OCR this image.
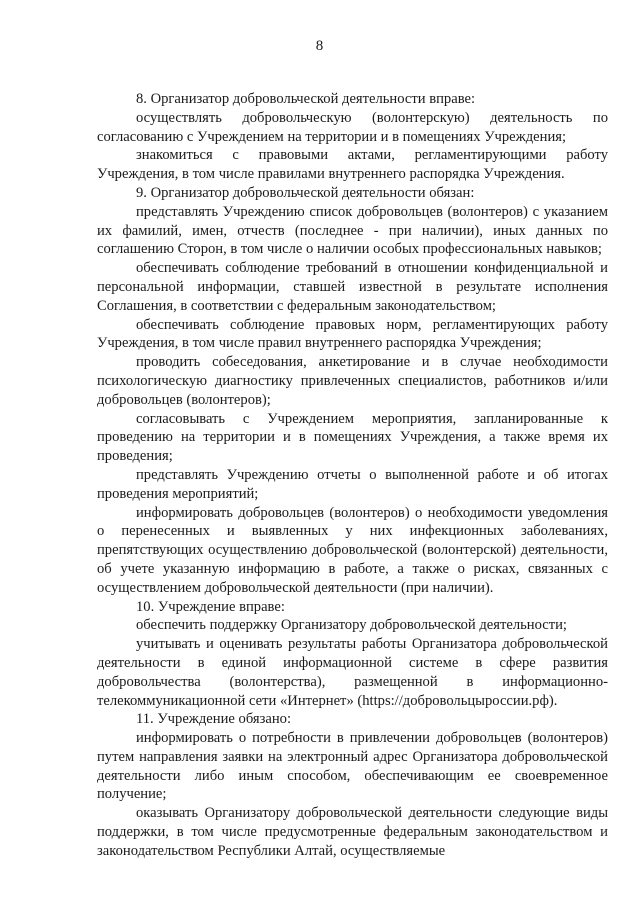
8

8. Организатор добровольческой деятельности вправе:

осуществлять добровольческую (волонтерскую) деятельность по согласованию с Учреждением на территории и в помещениях Учреждения;

знакомиться с правовыми актами, регламентирующими работу Учреждения, в том числе правилами внутреннего распорядка Учреждения.

9. Организатор добровольческой деятельности обязан:

представлять Учреждению список добровольцев (волонтеров) с указанием их фамилий, имен, отчеств (последнее - при наличии), иных данных по соглашению Сторон, в том числе о наличии особых профессиональных навыков;

обеспечивать соблюдение требований в отношении конфиденциальной и персональной информации, ставшей известной в результате исполнения Соглашения, в соответствии с федеральным законодательством;

обеспечивать соблюдение правовых норм, регламентирующих работу Учреждения, в том числе правил внутреннего распорядка Учреждения;

проводить собеседования, анкетирование и в случае необходимости психологическую диагностику привлеченных специалистов, работников и/или добровольцев (волонтеров);

согласовывать с Учреждением мероприятия, запланированные к проведению на территории и в помещениях Учреждения, а также время их проведения;

представлять Учреждению отчеты о выполненной работе и об итогах проведения мероприятий;

информировать добровольцев (волонтеров) о необходимости уведомления о перенесенных и выявленных у них инфекционных заболеваниях, препятствующих осуществлению добровольческой (волонтерской) деятельности, об учете указанную информацию в работе, а также о рисках, связанных с осуществлением добровольческой деятельности (при наличии).

10. Учреждение вправе:

обеспечить поддержку Организатору добровольческой деятельности;

учитывать и оценивать результаты работы Организатора добровольческой деятельности в единой информационной системе в сфере развития добровольчества (волонтерства), размещенной в информационно-телекоммуникационной сети «Интернет» (https://добровольцыроссии.рф).

11. Учреждение обязано:

информировать о потребности в привлечении добровольцев (волонтеров) путем направления заявки на электронный адрес Организатора добровольческой деятельности либо иным способом, обеспечивающим ее своевременное получение;

оказывать Организатору добровольческой деятельности следующие виды поддержки, в том числе предусмотренные федеральным законодательством и законодательством Республики Алтай, осуществляемые
